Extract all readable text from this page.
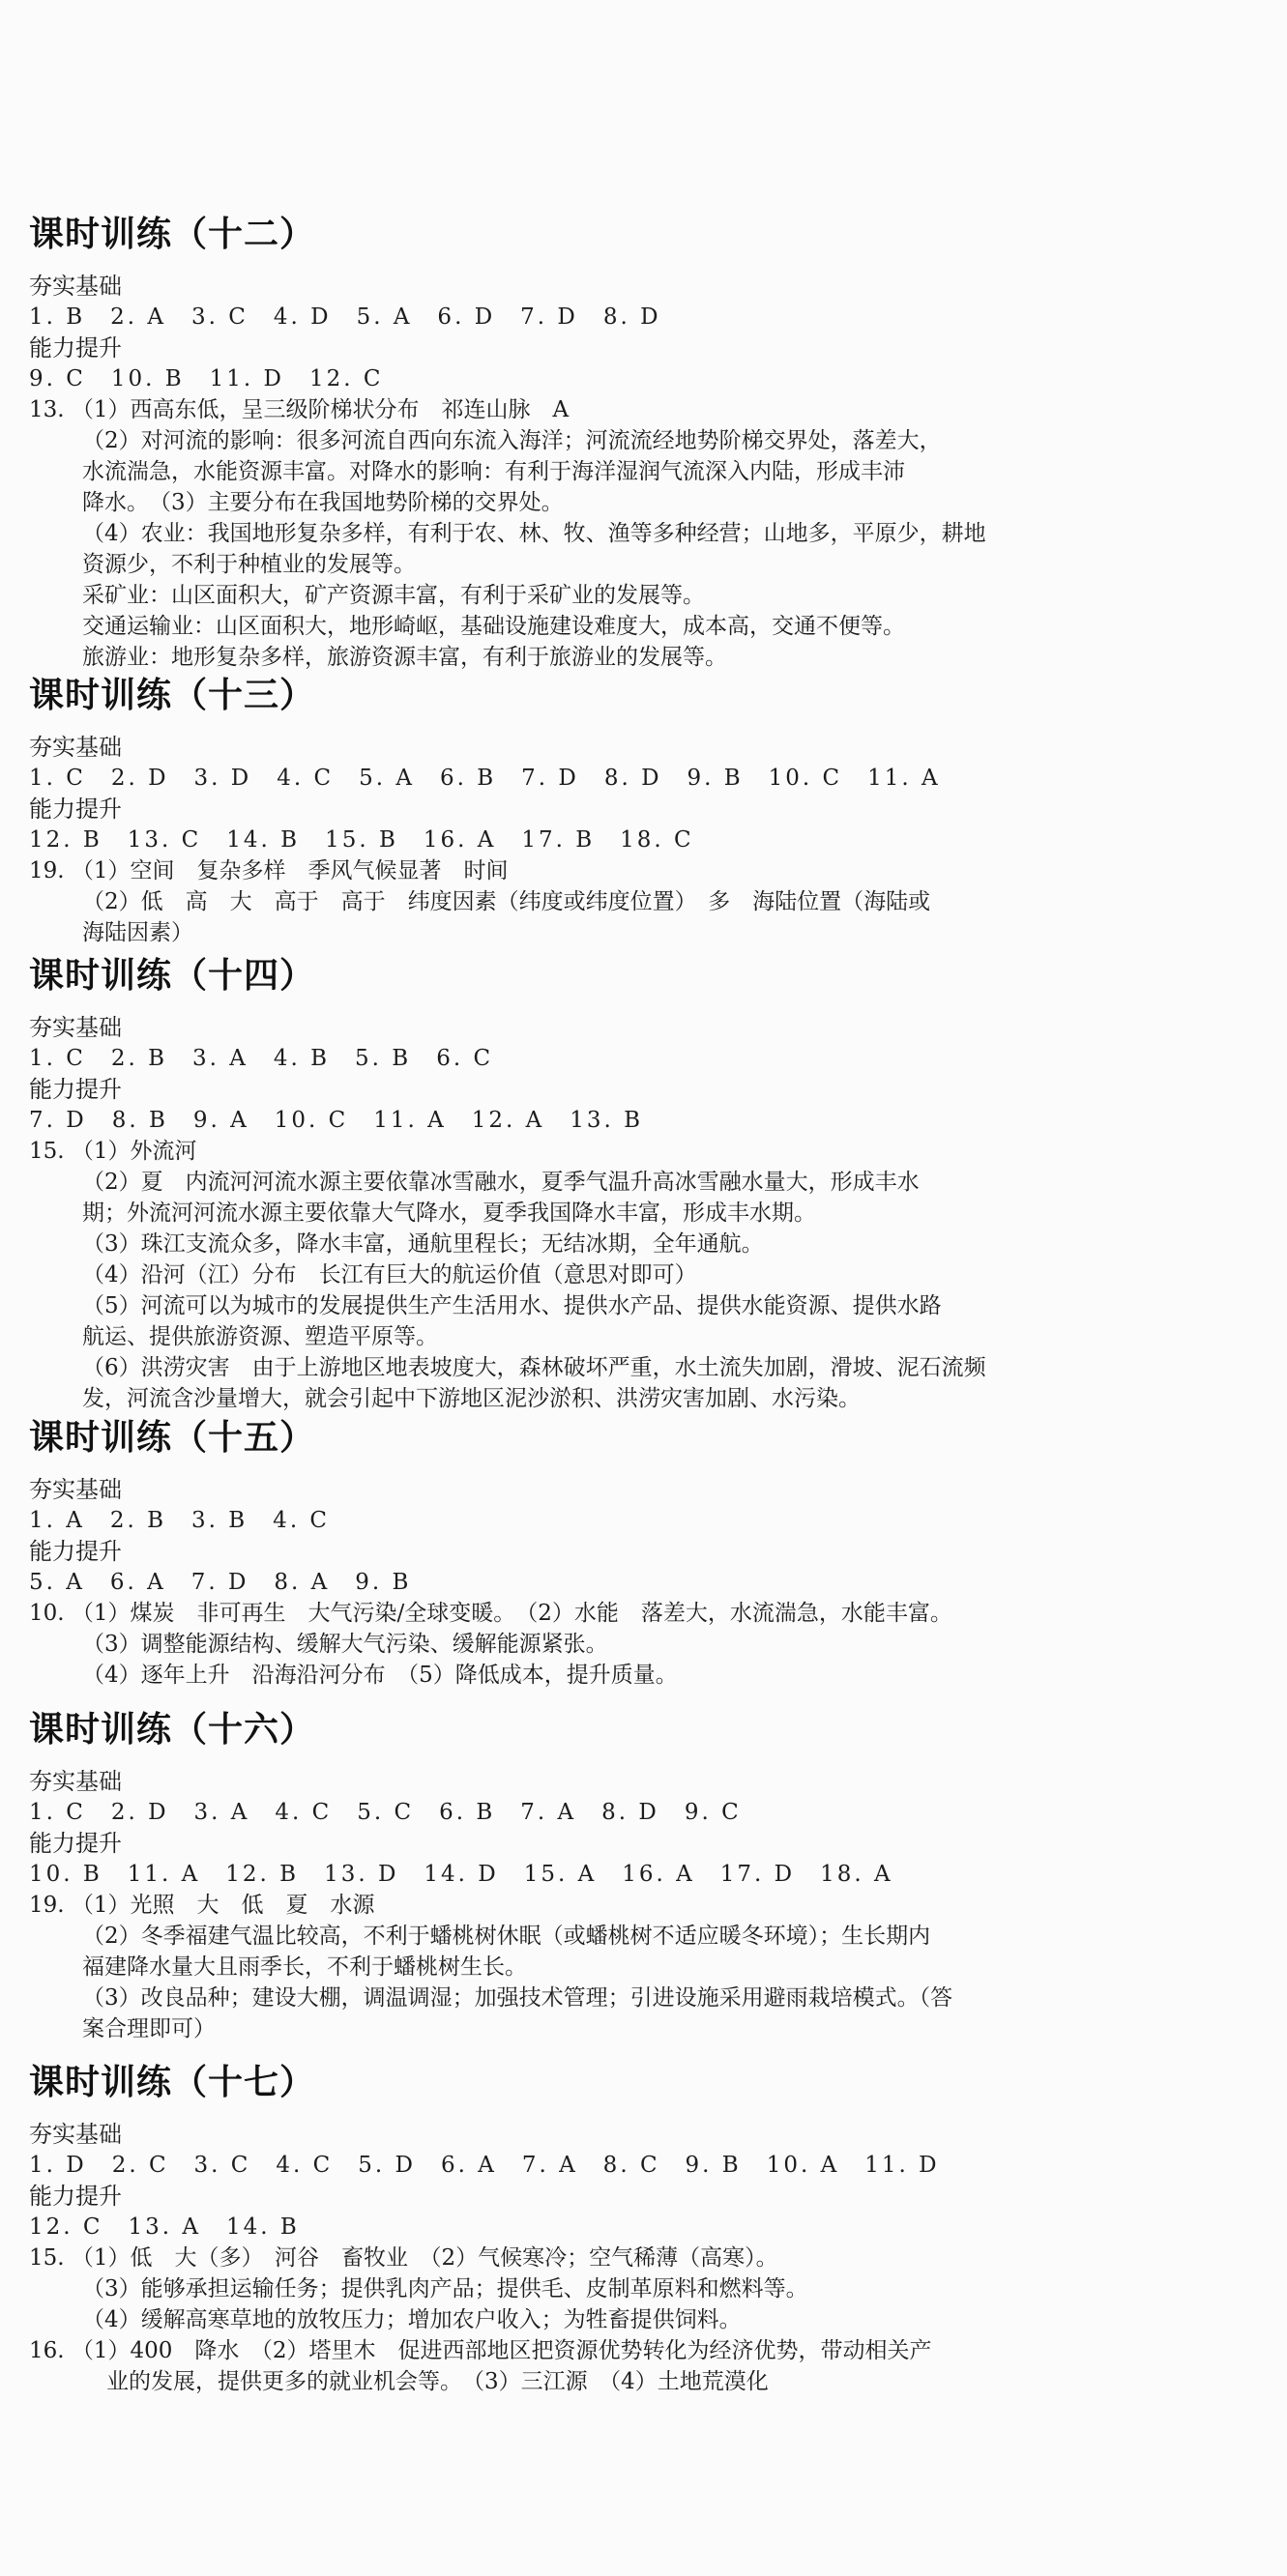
课时训练（十二）
夯实基础
1. B　2. A　3. C　4. D　5. A　6. D　7. D　8. D
能力提升
9. C　10. B　11. D　12. C
13. （1）西高东低，呈三级阶梯状分布　祁连山脉　A
（2）对河流的影响：很多河流自西向东流入海洋；河流流经地势阶梯交界处，落差大，
水流湍急，水能资源丰富。对降水的影响：有利于海洋湿润气流深入内陆，形成丰沛
降水。　（3）主要分布在我国地势阶梯的交界处。
（4）农业：我国地形复杂多样，有利于农、林、牧、渔等多种经营；山地多，平原少，耕地
资源少，不利于种植业的发展等。
采矿业：山区面积大，矿产资源丰富，有利于采矿业的发展等。
交通运输业：山区面积大，地形崎岖，基础设施建设难度大，成本高，交通不便等。
旅游业：地形复杂多样，旅游资源丰富，有利于旅游业的发展等。
课时训练（十三）
夯实基础
1. C　2. D　3. D　4. C　5. A　6. B　7. D　8. D　9. B　10. C　11. A
能力提升
12. B　13. C　14. B　15. B　16. A　17. B　18. C
19. （1）空间　复杂多样　季风气候显著　时间
（2）低　高　大　高于　高于　纬度因素（纬度或纬度位置）　多　海陆位置（海陆或
海陆因素）
课时训练（十四）
夯实基础
1. C　2. B　3. A　4. B　5. B　6. C
能力提升
7. D　8. B　9. A　10. C　11. A　12. A　13. B
15. （1）外流河
（2）夏　内流河河流水源主要依靠冰雪融水，夏季气温升高冰雪融水量大，形成丰水
期；外流河河流水源主要依靠大气降水，夏季我国降水丰富，形成丰水期。
（3）珠江支流众多，降水丰富，通航里程长；无结冰期，全年通航。
（4）沿河（江）分布　长江有巨大的航运价值（意思对即可）
（5）河流可以为城市的发展提供生产生活用水、提供水产品、提供水能资源、提供水路
航运、提供旅游资源、塑造平原等。
（6）洪涝灾害　由于上游地区地表坡度大，森林破坏严重，水土流失加剧，滑坡、泥石流频
发，河流含沙量增大，就会引起中下游地区泥沙淤积、洪涝灾害加剧、水污染。
课时训练（十五）
夯实基础
1. A　2. B　3. B　4. C
能力提升
5. A　6. A　7. D　8. A　9. B
10. （1）煤炭　非可再生　大气污染/全球变暖。　（2）水能　落差大，水流湍急，水能丰富。
（3）调整能源结构、缓解大气污染、缓解能源紧张。
（4）逐年上升　沿海沿河分布　（5）降低成本，提升质量。
课时训练（十六）
夯实基础
1. C　2. D　3. A　4. C　5. C　6. B　7. A　8. D　9. C
能力提升
10. B　11. A　12. B　13. D　14. D　15. A　16. A　17. D　18. A
19. （1）光照　大　低　夏　水源
（2）冬季福建气温比较高，不利于蟠桃树休眠（或蟠桃树不适应暖冬环境）；生长期内
福建降水量大且雨季长，不利于蟠桃树生长。
（3）改良品种；建设大棚，调温调湿；加强技术管理；引进设施采用避雨栽培模式。（答
案合理即可）
课时训练（十七）
夯实基础
1. D　2. C　3. C　4. C　5. D　6. A　7. A　8. C　9. B　10. A　11. D
能力提升
12. C　13. A　14. B
15. （1）低　大（多）　河谷　畜牧业　（2）气候寒冷；空气稀薄（高寒）。
（3）能够承担运输任务；提供乳肉产品；提供毛、皮制革原料和燃料等。
（4）缓解高寒草地的放牧压力；增加农户收入；为牲畜提供饲料。
16. （1）400　降水　（2）塔里木　促进西部地区把资源优势转化为经济优势，带动相关产
业的发展，提供更多的就业机会等。　（3）三江源　（4）土地荒漠化
